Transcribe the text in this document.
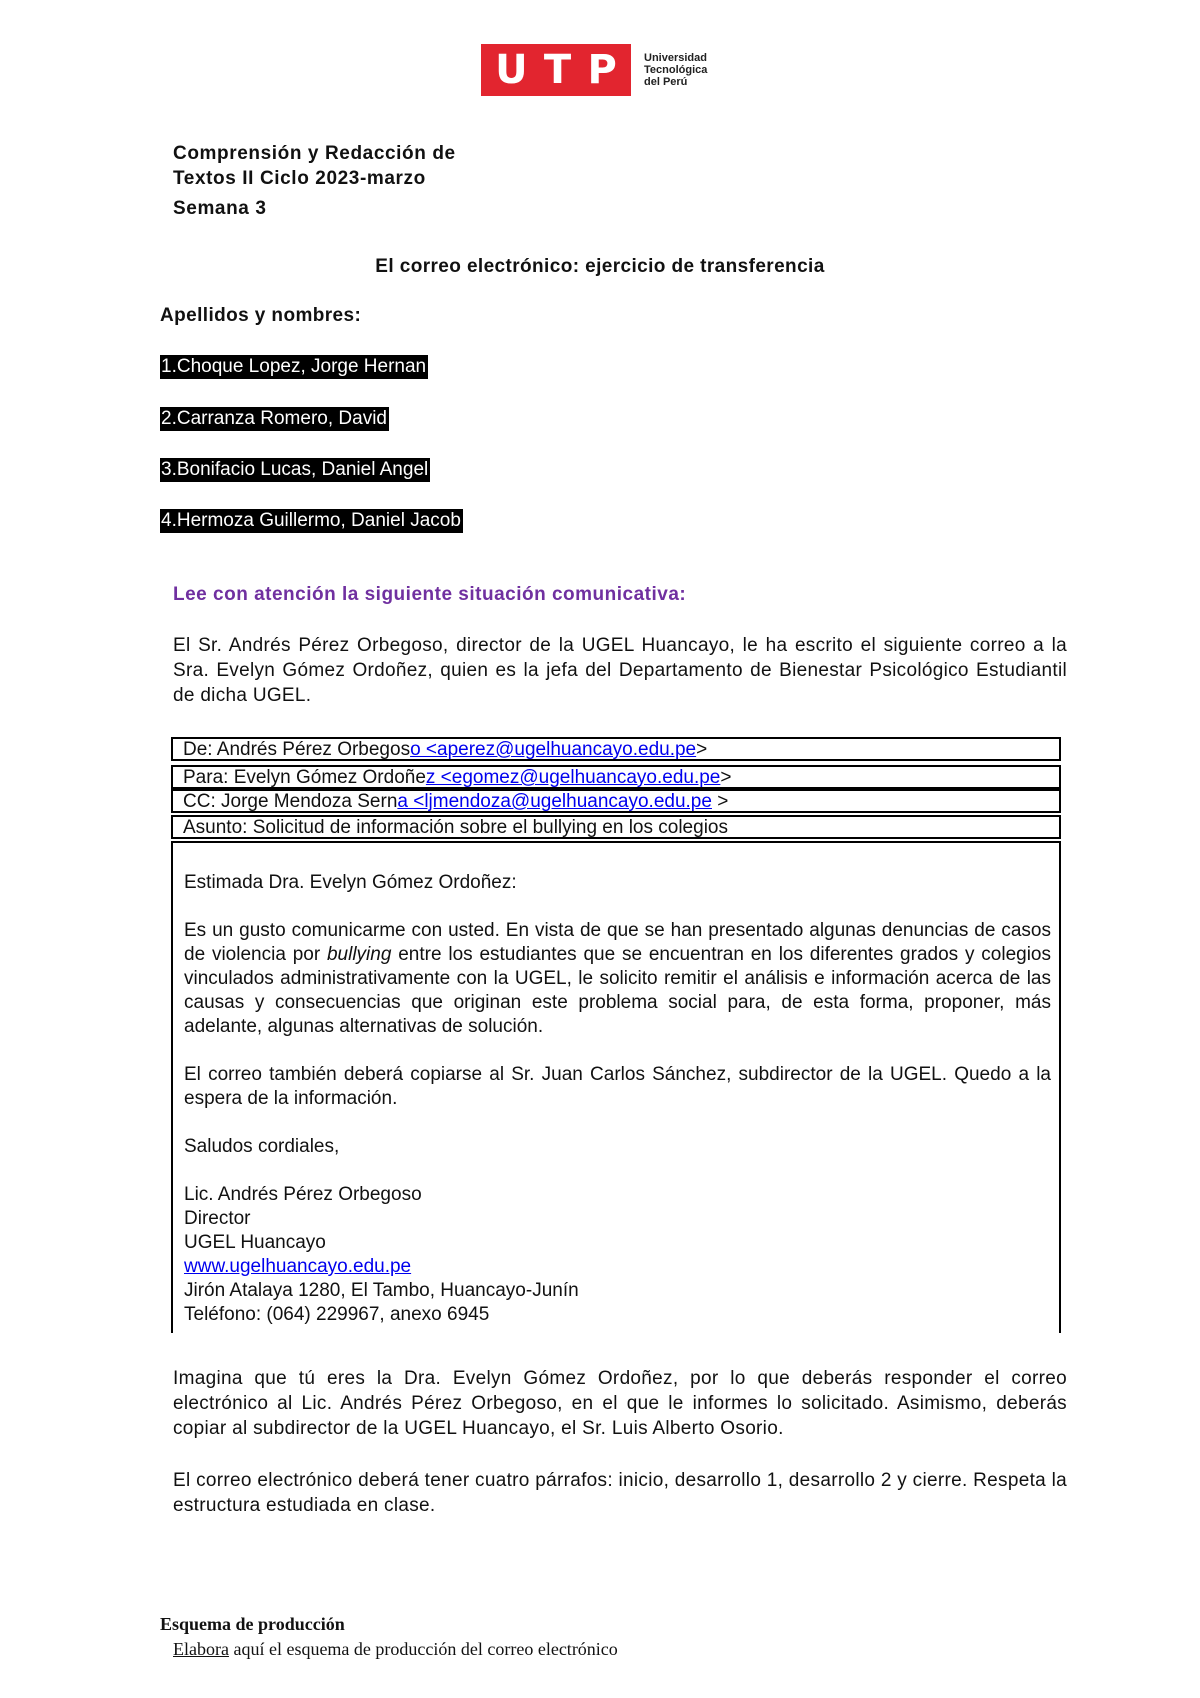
U T P Universidad
Tecnológica
del Perú
Comprensión y Redacción de
Textos II Ciclo 2023-marzo
Semana 3
El correo electrónico: ejercicio de transferencia
Apellidos y nombres:
1.Choque Lopez, Jorge Hernan
2.Carranza Romero, David
3.Bonifacio Lucas, Daniel Angel
4.Hermoza Guillermo, Daniel Jacob
Lee con atención la siguiente situación comunicativa:
El Sr. Andrés Pérez Orbegoso, director de la UGEL Huancayo, le ha escrito el siguiente correo a la Sra. Evelyn Gómez Ordoñez, quien es la jefa del Departamento de Bienestar Psicológico Estudiantil de dicha UGEL.
De: Andrés Pérez Orbegoso <aperez@ugelhuancayo.edu.pe>
Para: Evelyn Gómez Ordoñez <egomez@ugelhuancayo.edu.pe>
CC: Jorge Mendoza Serna <ljmendoza@ugelhuancayo.edu.pe >
Asunto: Solicitud de información sobre el bullying en los colegios

Estimada Dra. Evelyn Gómez Ordoñez:

Es un gusto comunicarme con usted. En vista de que se han presentado algunas denuncias de casos de violencia por bullying entre los estudiantes que se encuentran en los diferentes grados y colegios vinculados administrativamente con la UGEL, le solicito remitir el análisis e información acerca de las causas y consecuencias que originan este problema social para, de esta forma, proponer, más adelante, algunas alternativas de solución.

El correo también deberá copiarse al Sr. Juan Carlos Sánchez, subdirector de la UGEL. Quedo a la espera de la información.

Saludos cordiales,

Lic. Andrés Pérez Orbegoso
Director
UGEL Huancayo
www.ugelhuancayo.edu.pe
Jirón Atalaya 1280, El Tambo, Huancayo-Junín
Teléfono: (064) 229967, anexo 6945
Imagina que tú eres la Dra. Evelyn Gómez Ordoñez, por lo que deberás responder el correo electrónico al Lic. Andrés Pérez Orbegoso, en el que le informes lo solicitado. Asimismo, deberás copiar al subdirector de la UGEL Huancayo, el Sr. Luis Alberto Osorio.
El correo electrónico deberá tener cuatro párrafos: inicio, desarrollo 1, desarrollo 2 y cierre. Respeta la estructura estudiada en clase.
Esquema de producción
Elabora aquí el esquema de producción del correo electrónico
